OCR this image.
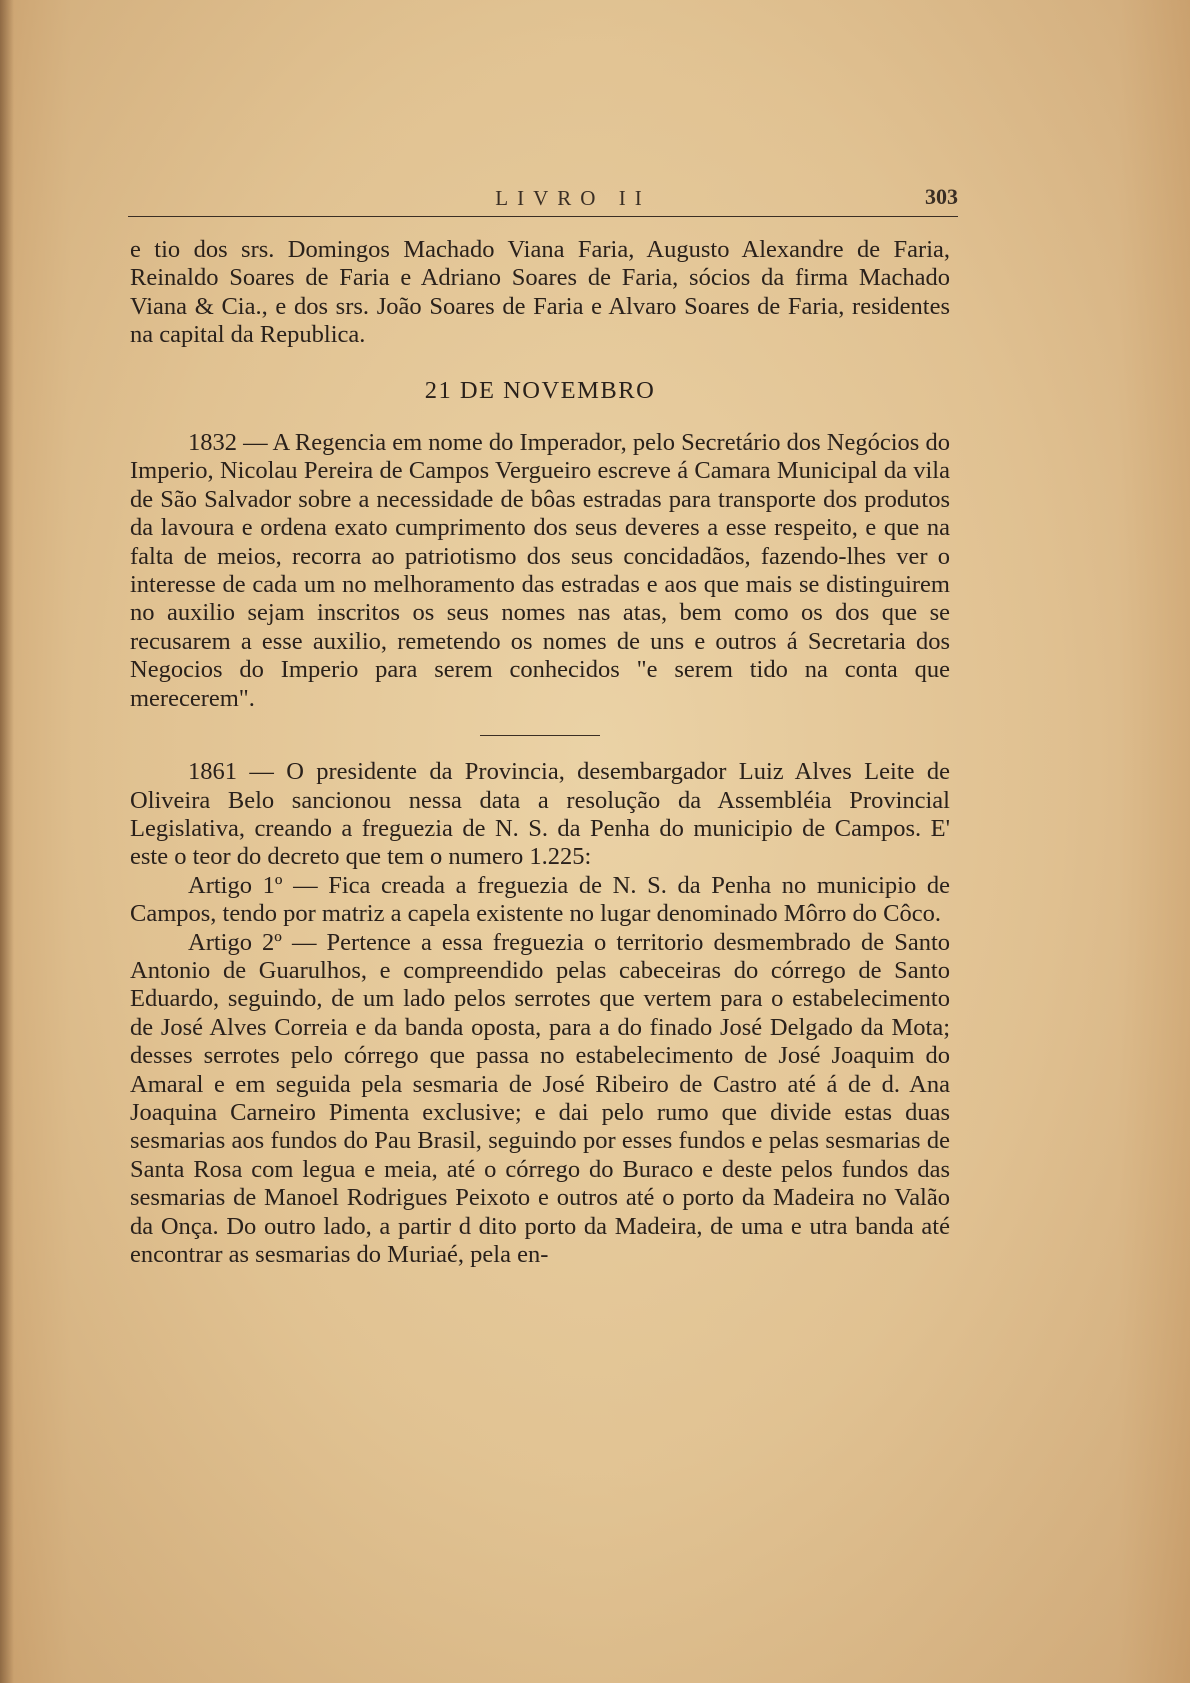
LIVRO II	303

e tio dos srs. Domingos Machado Viana Faria, Augusto Alexandre de Faria, Reinaldo Soares de Faria e Adriano Soares de Faria, sócios da firma Machado Viana & Cia., e dos srs. João Soares de Faria e Alvaro Soares de Faria, residentes na capital da Republica.

21 DE NOVEMBRO

1832 — A Regencia em nome do Imperador, pelo Secretário dos Negócios do Imperio, Nicolau Pereira de Campos Vergueiro escreve á Camara Municipal da vila de São Salvador sobre a necessidade de bôas estradas para transporte dos produtos da lavoura e ordena exato cumprimento dos seus deveres a esse respeito, e que na falta de meios, recorra ao patriotismo dos seus concidadãos, fazendo-lhes ver o interesse de cada um no melhoramento das estradas e aos que mais se distinguirem no auxilio sejam inscritos os seus nomes nas atas, bem como os dos que se recusarem a esse auxilio, remetendo os nomes de uns e outros á Secretaria dos Negocios do Imperio para serem conhecidos "e serem tido na conta que merecerem".

1861 — O presidente da Provincia, desembargador Luiz Alves Leite de Oliveira Belo sancionou nessa data a resolução da Assembléia Provincial Legislativa, creando a freguezia de N. S. da Penha do municipio de Campos. E' este o teor do decreto que tem o numero 1.225:

Artigo 1º — Fica creada a freguezia de N. S. da Penha no municipio de Campos, tendo por matriz a capela existente no lugar denominado Môrro do Côco.

Artigo 2º — Pertence a essa freguezia o territorio desmembrado de Santo Antonio de Guarulhos, e compreendido pelas cabeceiras do córrego de Santo Eduardo, seguindo, de um lado pelos serrotes que vertem para o estabelecimento de José Alves Correia e da banda oposta, para a do finado José Delgado da Mota; desses serrotes pelo córrego que passa no estabelecimento de José Joaquim do Amaral e em seguida pela sesmaria de José Ribeiro de Castro até á de d. Ana Joaquina Carneiro Pimenta exclusive; e dai pelo rumo que divide estas duas sesmarias aos fundos do Pau Brasil, seguindo por esses fundos e pelas sesmarias de Santa Rosa com legua e meia, até o córrego do Buraco e deste pelos fundos das sesmarias de Manoel Rodrigues Peixoto e outros até o porto da Madeira no Valão da Onça. Do outro lado, a partir d dito porto da Madeira, de uma e utra banda até encontrar as sesmarias do Muriaé, pela en-
